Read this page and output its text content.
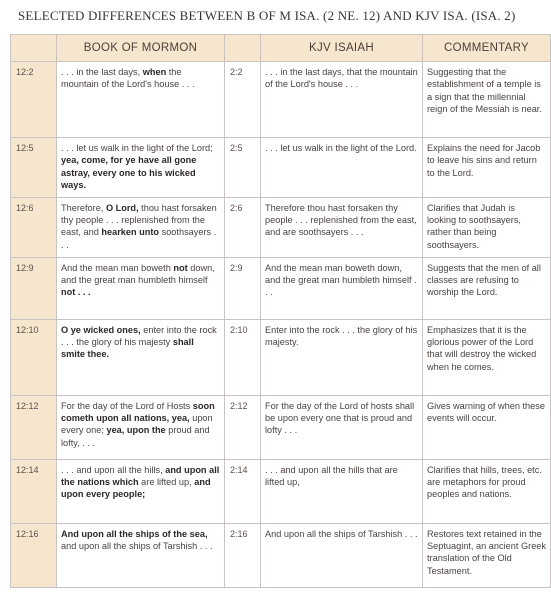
SELECTED DIFFERENCES BETWEEN B OF M ISA. (2 NE. 12) AND KJV ISA. (ISA. 2)
	BOOK OF MORMON		KJV ISAIAH	COMMENTARY
12:2	. . . in the last days, when the mountain of the Lord's house . . .	2:2	. . . in the last days, that the mountain of the Lord's house . . .	Suggesting that the establishment of a temple is a sign that the millennial reign of the Messiah is near.
12:5	. . . let us walk in the light of the Lord; yea, come, for ye have all gone astray, every one to his wicked ways.	2:5	. . . let us walk in the light of the Lord.	Explains the need for Jacob to leave his sins and return to the Lord.
12:6	Therefore, O Lord, thou hast forsaken thy people . . . replenished from the east, and hearken unto soothsayers . . .	2:6	Therefore thou hast forsaken thy people . . . replenished from the east, and are soothsayers . . .	Clarifies that Judah is looking to soothsayers, rather than being soothsayers.
12:9	And the mean man boweth not down, and the great man humbleth himself not . . .	2:9	And the mean man boweth down, and the great man humbleth himself . . .	Suggests that the men of all classes are refusing to worship the Lord.
12:10	O ye wicked ones, enter into the rock . . . the glory of his majesty shall smite thee.	2:10	Enter into the rock . . . the glory of his majesty.	Emphasizes that it is the glorious power of the Lord that will destroy the wicked when he comes.
12:12	For the day of the Lord of Hosts soon cometh upon all nations, yea, upon every one; yea, upon the proud and lofty, . . .	2:12	For the day of the Lord of hosts shall be upon every one that is proud and lofty . . .	Gives warning of when these events will occur.
12:14	. . . and upon all the hills, and upon all the nations which are lifted up, and upon every people;	2:14	. . . and upon all the hills that are lifted up,	Clarifies that hills, trees, etc. are metaphors for proud peoples and nations.
12:16	And upon all the ships of the sea, and upon all the ships of Tarshish . . .	2:16	And upon all the ships of Tarshish . . .	Restores text retained in the Septuagint, an ancient Greek translation of the Old Testament.
